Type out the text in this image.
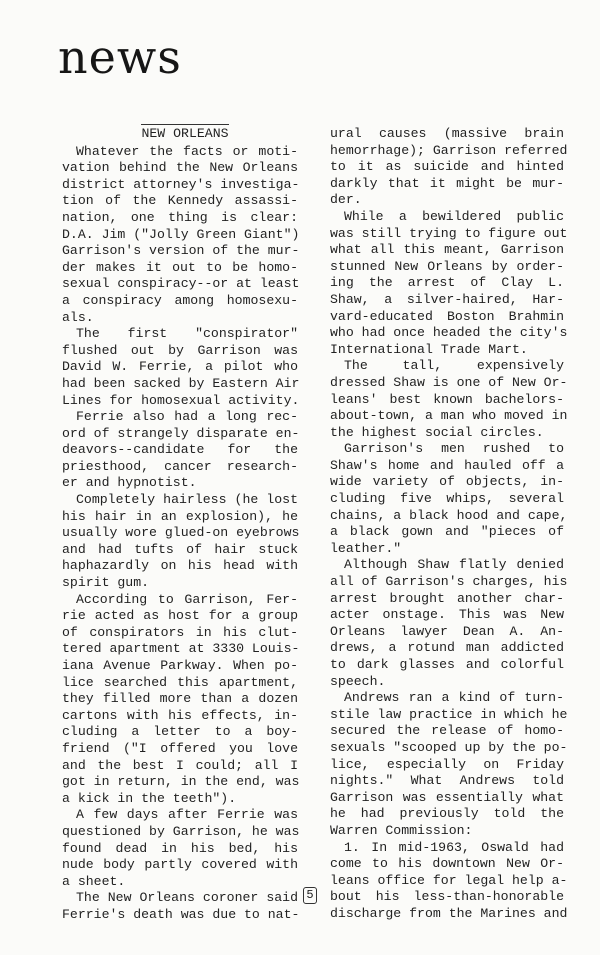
news
NEW ORLEANS
Whatever the facts or moti-
vation behind the New Orleans
district attorney's investiga-
tion of the Kennedy assassi-
nation, one thing is clear:
D.A. Jim ("Jolly Green Giant")
Garrison's version of the mur-
der makes it out to be homo-
sexual conspiracy--or at least
a conspiracy among homosexu-
als.
The first "conspirator"
flushed out by Garrison was
David W. Ferrie, a pilot who
had been sacked by Eastern Air
Lines for homosexual activity.
Ferrie also had a long rec-
ord of strangely disparate en-
deavors--candidate for the
priesthood, cancer research-
er and hypnotist.
Completely hairless (he lost
his hair in an explosion), he
usually wore glued-on eyebrows
and had tufts of hair stuck
haphazardly on his head with
spirit gum.
According to Garrison, Fer-
rie acted as host for a group
of conspirators in his clut-
tered apartment at 3330 Louis-
iana Avenue Parkway. When po-
lice searched this apartment,
they filled more than a dozen
cartons with his effects, in-
cluding a letter to a boy-
friend ("I offered you love
and the best I could; all I
got in return, in the end, was
a kick in the teeth").
A few days after Ferrie was
questioned by Garrison, he was
found dead in his bed, his
nude body partly covered with
a sheet.
The New Orleans coroner said
Ferrie's death was due to nat-
ural causes (massive brain
hemorrhage); Garrison referred
to it as suicide and hinted
darkly that it might be mur-
der.
While a bewildered public
was still trying to figure out
what all this meant, Garrison
stunned New Orleans by order-
ing the arrest of Clay L.
Shaw, a silver-haired, Har-
vard-educated Boston Brahmin
who had once headed the city's
International Trade Mart.
The tall, expensively
dressed Shaw is one of New Or-
leans' best known bachelors-
about-town, a man who moved in
the highest social circles.
Garrison's men rushed to
Shaw's home and hauled off a
wide variety of objects, in-
cluding five whips, several
chains, a black hood and cape,
a black gown and "pieces of
leather."
Although Shaw flatly denied
all of Garrison's charges, his
arrest brought another char-
acter onstage. This was New
Orleans lawyer Dean A. An-
drews, a rotund man addicted
to dark glasses and colorful
speech.
Andrews ran a kind of turn-
stile law practice in which he
secured the release of homo-
sexuals "scooped up by the po-
lice, especially on Friday
nights." What Andrews told
Garrison was essentially what
he had previously told the
Warren Commission:
1. In mid-1963, Oswald had
come to his downtown New Or-
leans office for legal help a-
bout his less-than-honorable
discharge from the Marines and
5
